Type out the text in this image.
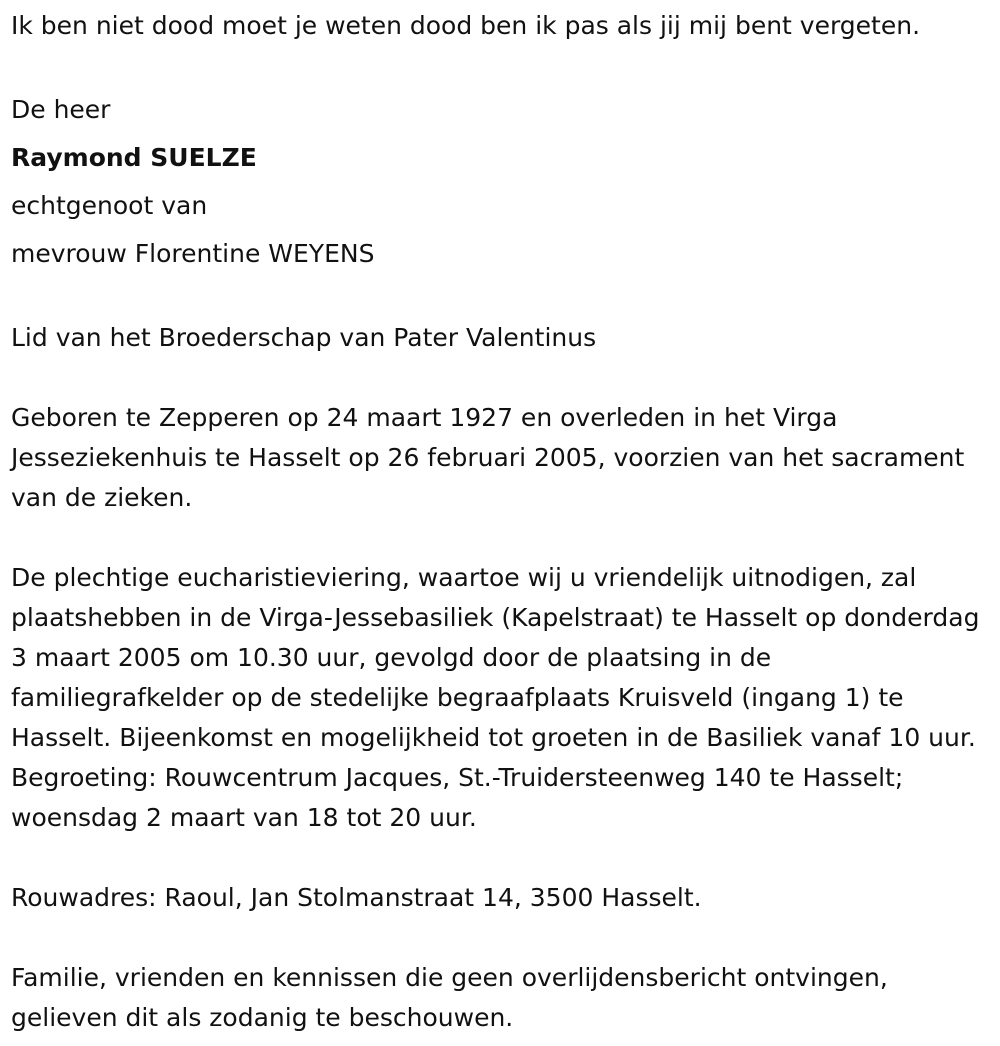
Ik ben niet dood moet je weten dood ben ik pas als jij mij bent vergeten.

De heer

Raymond SUELZE

echtgenoot van

mevrouw Florentine WEYENS

Lid van het Broederschap van Pater Valentinus

Geboren te Zepperen op 24 maart 1927 en overleden in het Virga Jesseziekenhuis te Hasselt op 26 februari 2005, voorzien van het sacrament van de zieken.

De plechtige eucharistieviering, waartoe wij u vriendelijk uitnodigen, zal plaatshebben in de Virga-Jessebasiliek (Kapelstraat) te Hasselt op donderdag 3 maart 2005 om 10.30 uur, gevolgd door de plaatsing in de familiegrafkelder op de stedelijke begraafplaats Kruisveld (ingang 1) te Hasselt. Bijeenkomst en mogelijkheid tot groeten in de Basiliek vanaf 10 uur. Begroeting: Rouwcentrum Jacques, St.-Truidersteenweg 140 te Hasselt; woensdag 2 maart van 18 tot 20 uur.

Rouwadres: Raoul, Jan Stolmanstraat 14, 3500 Hasselt.

Familie, vrienden en kennissen die geen overlijdensbericht ontvingen, gelieven dit als zodanig te beschouwen.
